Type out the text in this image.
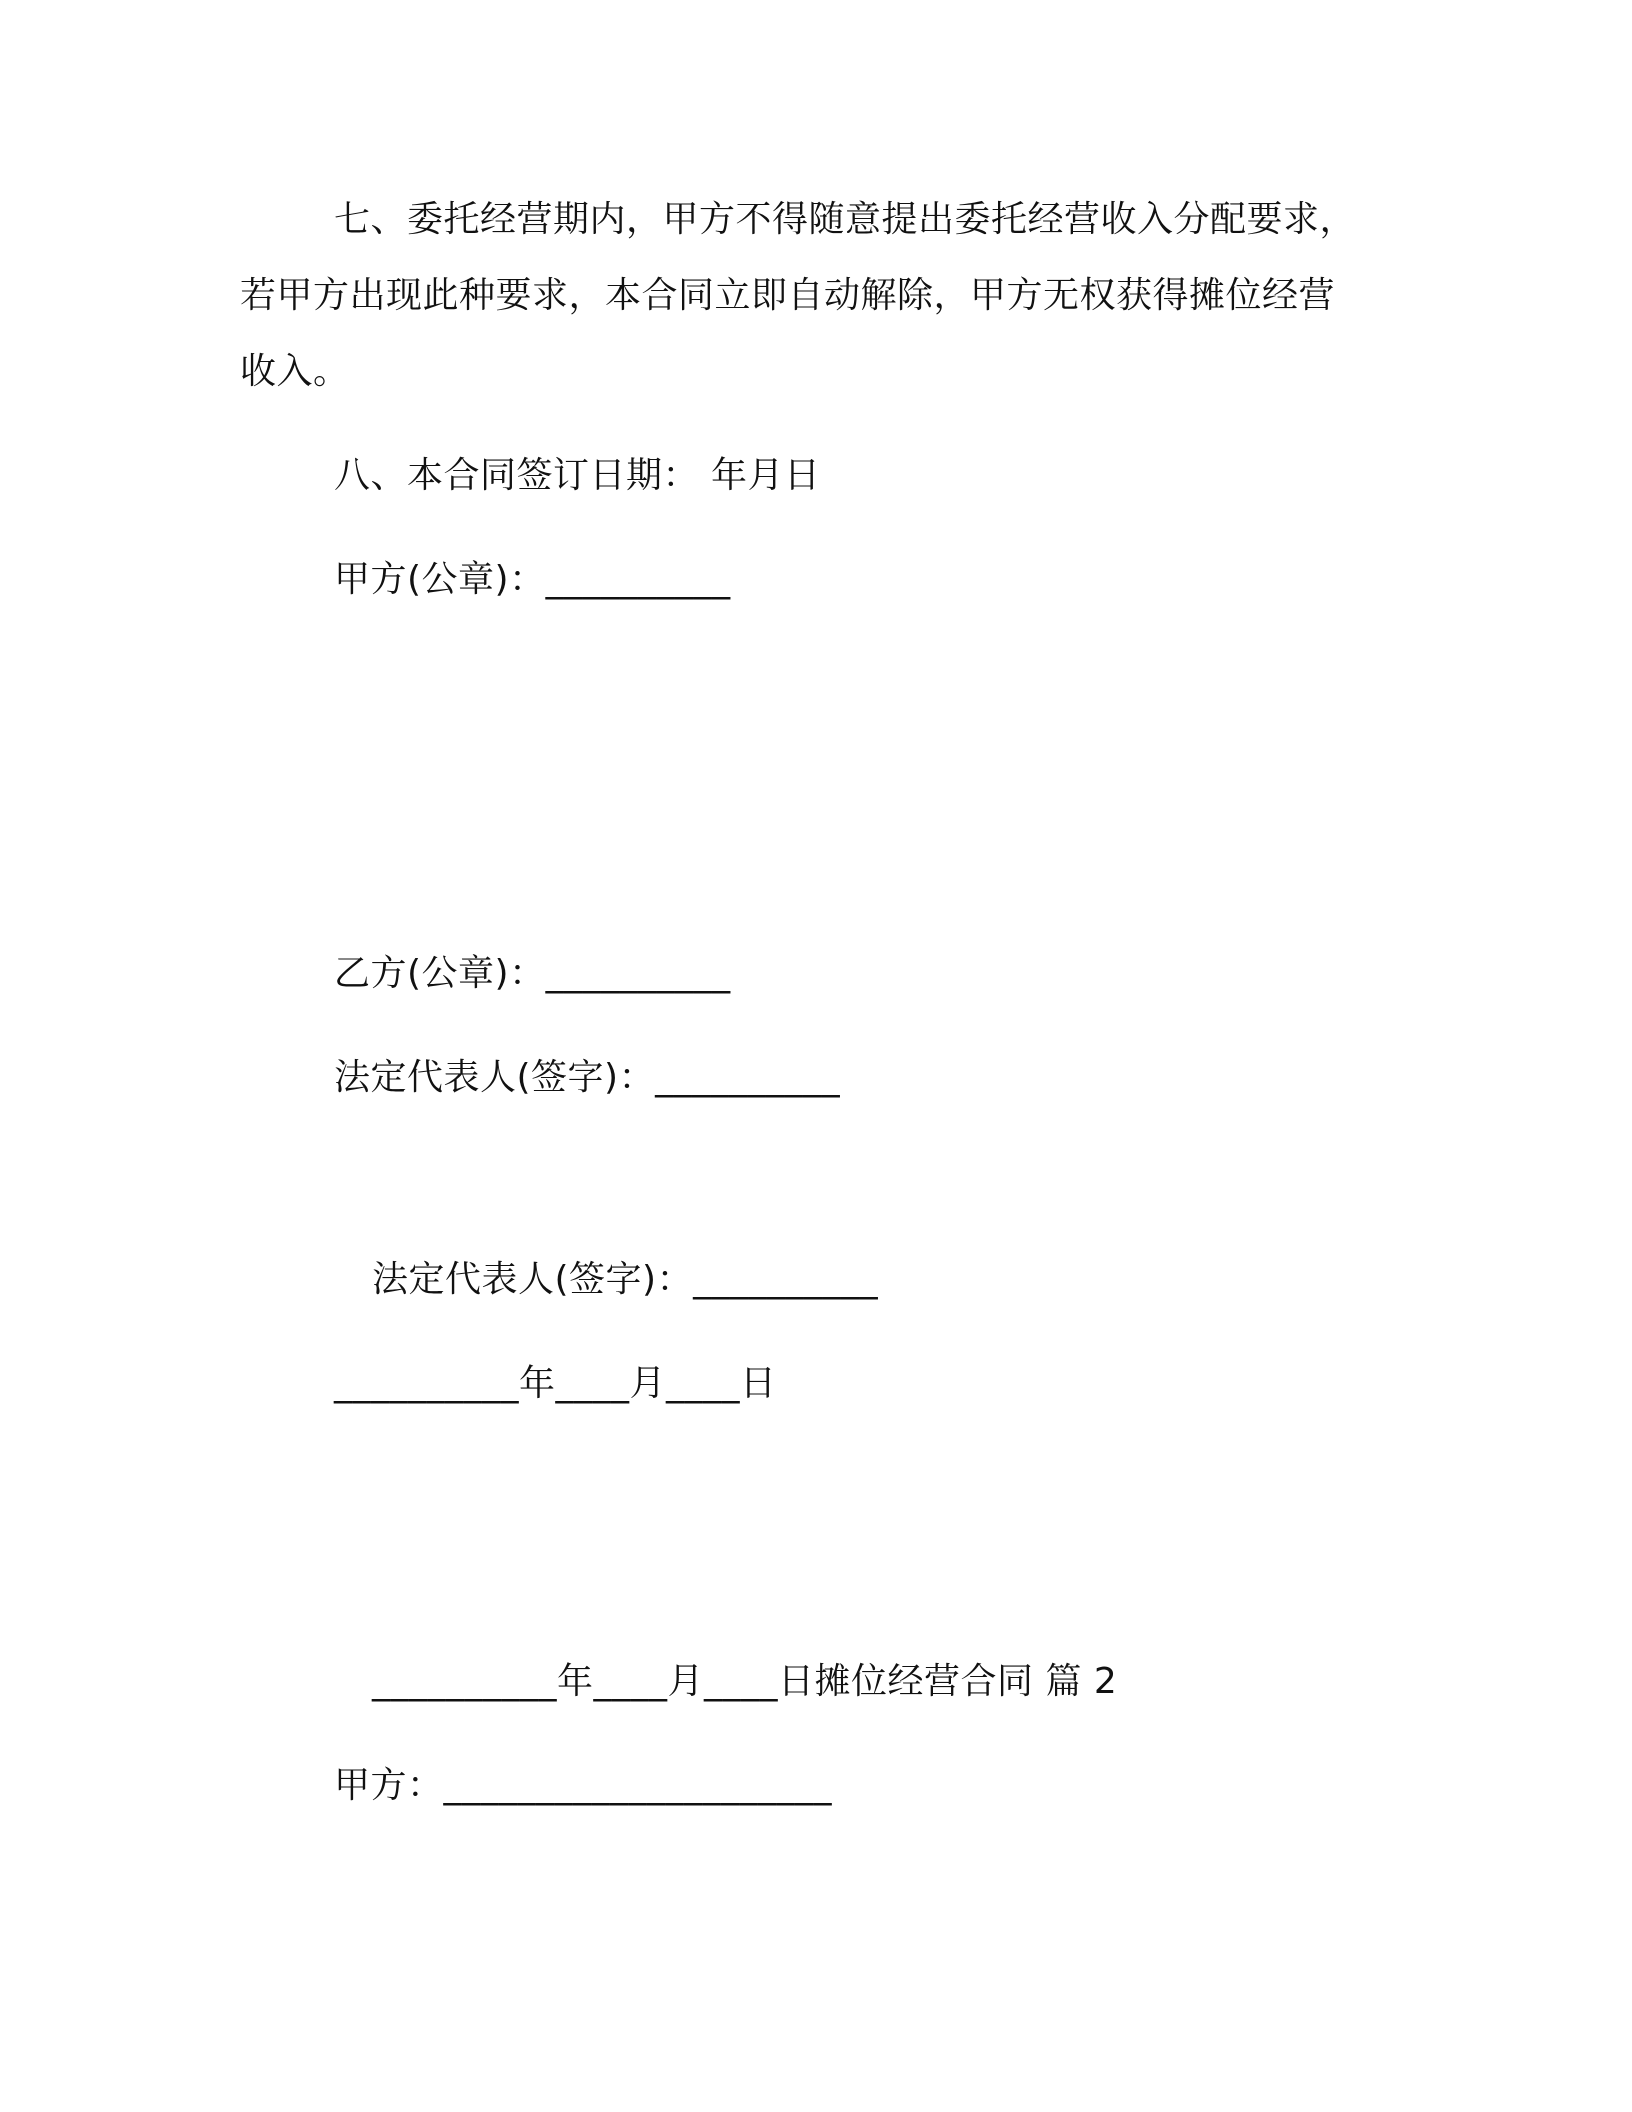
七、委托经营期内，甲方不得随意提出委托经营收入分配要求，
若甲方出现此种要求，本合同立即自动解除，甲方无权获得摊位经营
收入。
八、本合同签订日期： 年月日
甲方(公章)：__________
乙方(公章)：__________
法定代表人(签字)：__________
法定代表人(签字)：__________
__________年____月____日
__________年____月____日摊位经营合同 篇 2
甲方：_____________________
